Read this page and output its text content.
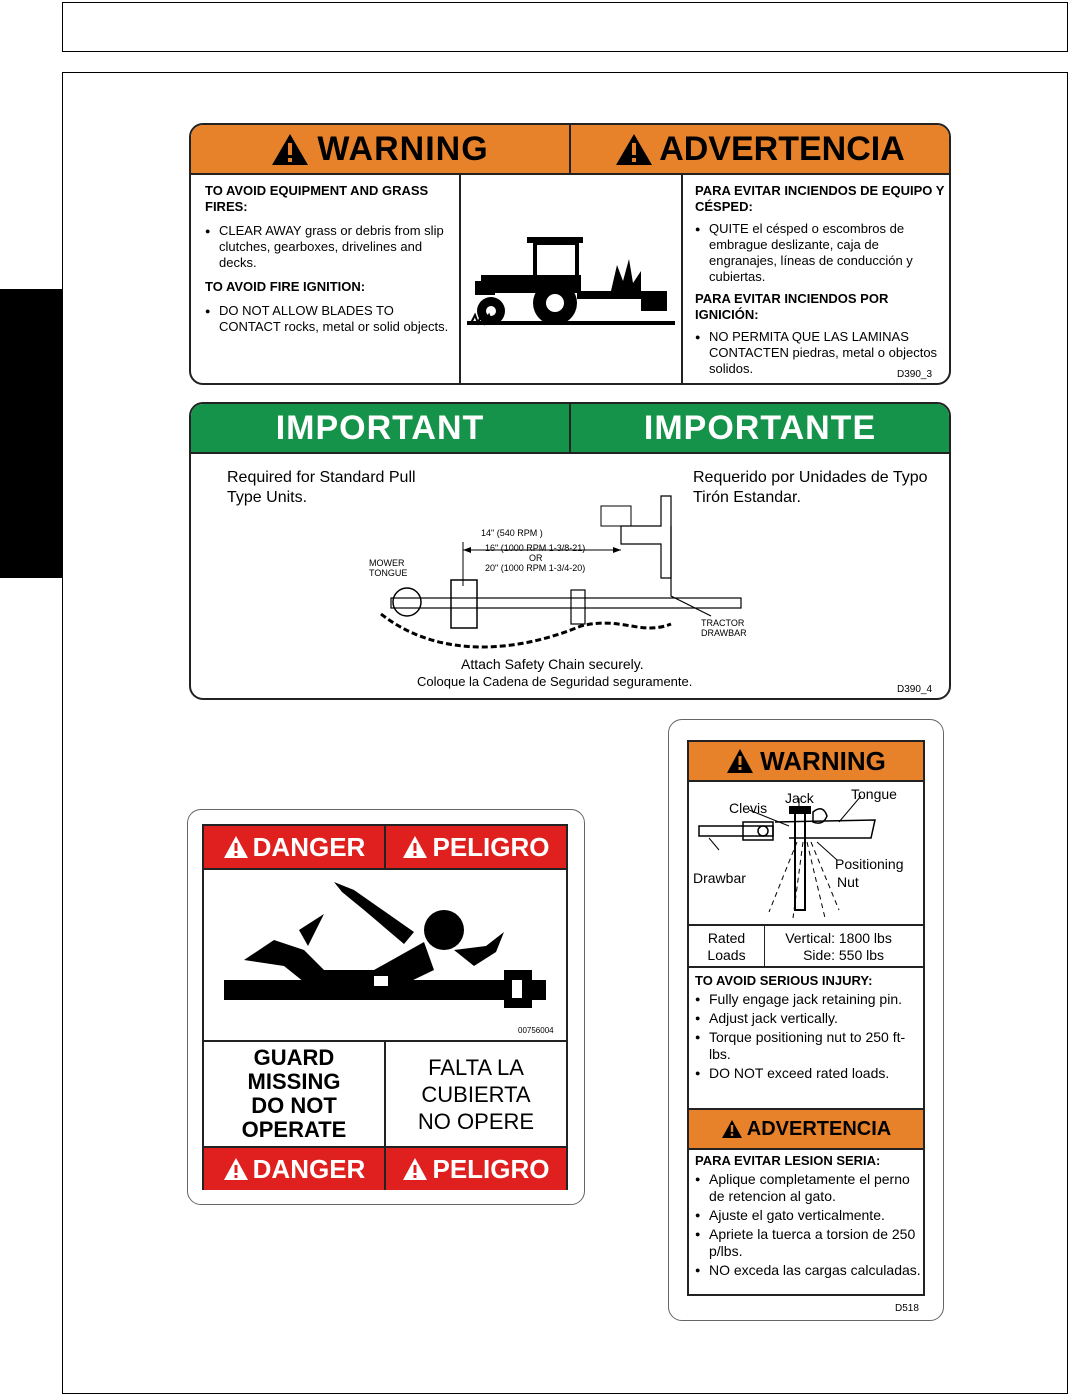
WARNING	ADVERTENCIA
TO AVOID EQUIPMENT AND GRASS FIRES:
● CLEAR AWAY grass or debris from slip clutches, gearboxes, drivelines and decks.
TO AVOID FIRE IGNITION:
● DO NOT ALLOW BLADES TO CONTACT rocks, metal or solid objects.
PARA EVITAR INCIENDOS DE EQUIPO Y CÉSPED:
● QUITE el césped o escombros de embrague deslizante, caja de engranajes, líneas de conducción y cubiertas.
PARA EVITAR INCIENDOS POR IGNICIÓN:
● NO PERMITA QUE LAS LAMINAS CONTACTEN piedras, metal o objectos solidos.	D390_3
IMPORTANT	IMPORTANTE
Required for Standard Pull Type Units.
Requerido por Unidades de Typo Tirón Estandar.
14" (540 RPM )
16" (1000 RPM 1-3/8-21)
OR
20" (1000 RPM 1-3/4-20)
MOWER TONGUE
TRACTOR DRAWBAR
Attach Safety Chain securely.
Coloque la Cadena de Seguridad seguramente.
D390_4
DANGER	PELIGRO
00756004
GUARD
MISSING
DO NOT
OPERATE
FALTA LA
CUBIERTA
NO OPERE
DANGER	PELIGRO
WARNING
Clevis
Jack	Tongue
Drawbar
Positioning
Nut
Rated
Loads
Vertical: 1800 lbs
Side: 550 lbs
TO AVOID SERIOUS INJURY:
● Fully engage jack retaining pin.
● Adjust jack vertically.
● Torque positioning nut to 250 ft-lbs.
● DO NOT exceed rated loads.
ADVERTENCIA
PARA EVITAR LESION SERIA:
● Aplique completamente el perno de retencion al gato.
● Ajuste el gato verticalmente.
● Apriete la tuerca a torsion de 250 p/lbs.
● NO exceda las cargas calculadas.
D518
